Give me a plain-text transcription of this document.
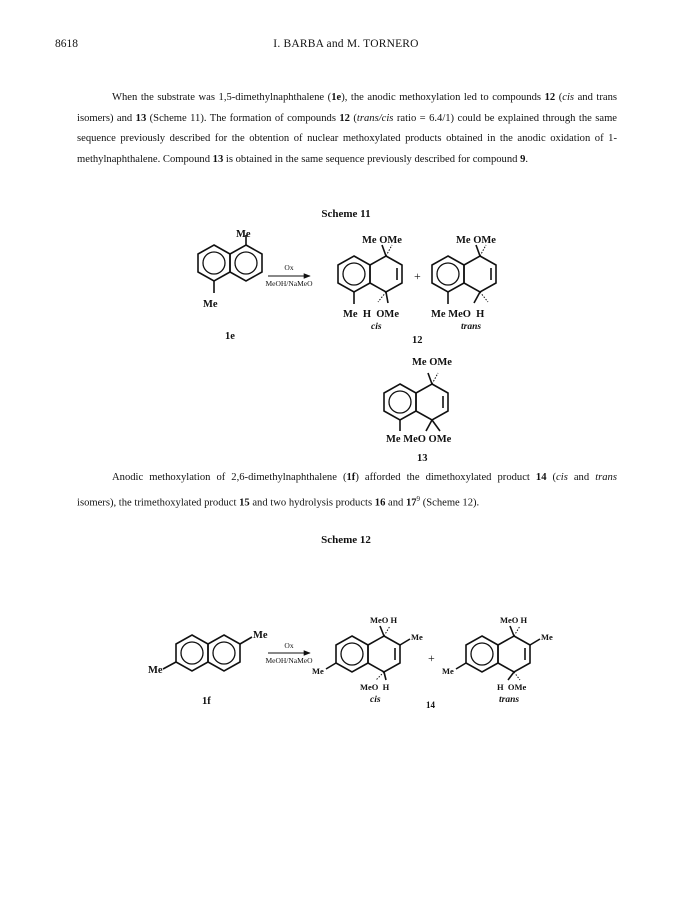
8618	I. BARBA and M. TORNERO

When the substrate was 1,5-dimethylnaphthalene (1e), the anodic methoxylation led to compounds 12 (cis and trans isomers) and 13 (Scheme 11). The formation of compounds 12 (trans/cis ratio = 6.4/1) could be explained through the same sequence previously described for the obtention of nuclear methoxylated products obtained in the anodic oxidation of 1-methylnaphthalene. Compound 13 is obtained in the same sequence previously described for compound 9.

Scheme 11
Me
Me
1e
Ox
MeOH/NaMeO
Me OMe
Me  H  OMe
cis
+
Me OMe
Me MeO  H
trans
12
Me OMe
Me MeO OMe
13

Anodic methoxylation of 2,6-dimethylnaphthalene (1f) afforded the dimethoxylated product 14 (cis and trans isomers), the trimethoxylated product 15 and two hydrolysis products 16 and $17^9$ (Scheme 12).

Scheme 12
Me
Me
1f
Ox
MeOH/NaMeO
MeO H
Me
Me
MeO  H
cis
+
MeO H
Me
Me
H  OMe
trans
14
